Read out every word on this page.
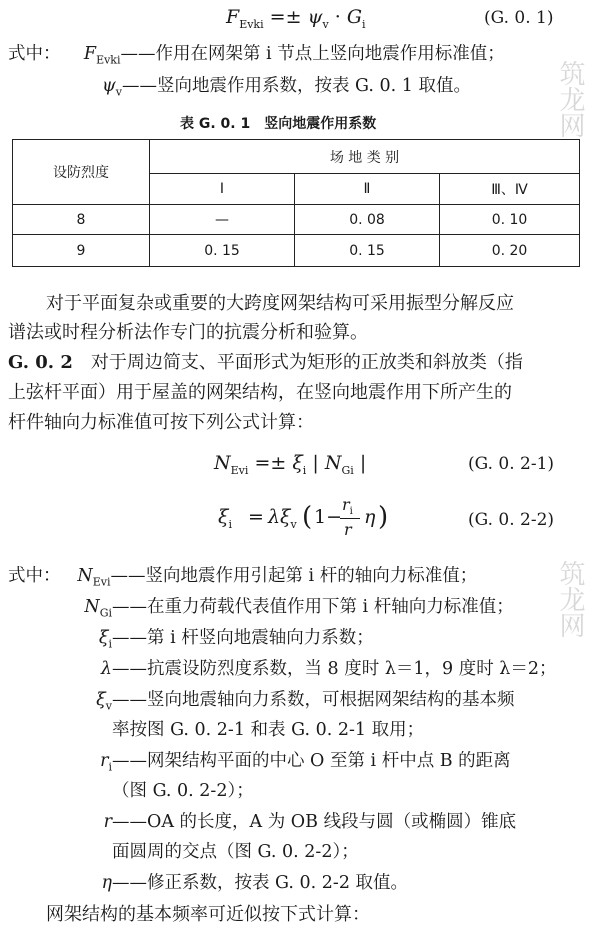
$F_{Evki} =\pm \psi_v \cdot G_i$	(G. 0. 1)
式中： $F_{Evki}——$作用在网架第 i 节点上竖向地震作用标准值；
$\psi_v——$竖向地震作用系数，按表 G. 0. 1 取值。
表 G. 0. 1　竖向地震作用系数
设防烈度	场 地 类 别		
	Ⅰ	Ⅱ	Ⅲ、Ⅳ
8	—	0. 08	0. 10
9	0. 15	0. 15	0. 20
对于平面复杂或重要的大跨度网架结构可采用振型分解反应
谱法或时程分析法作专门的抗震分析和验算。
G. 0. 2　 对于周边简支、平面形式为矩形的正放类和斜放类（指
上弦杆平面）用于屋盖的网架结构，在竖向地震作用下所产生的
杆件轴向力标准值可按下列公式计算：
$N_{Evi} =\pm \xi_i$ | $N_{Gi}$ |	(G. 0. 2-1)
$\xi_i = \lambda\xi_v$ ( 1−
$r_i$
r
η )	(G. 0. 2-2)
式中： $N_{Evi}——$竖向地震作用引起第 i 杆的轴向力标准值；
$N_{Gi}——$在重力荷载代表值作用下第 i 杆轴向力标准值；
$\xi_i——$第 i 杆竖向地震轴向力系数；
λ——抗震设防烈度系数，当 8 度时 λ＝1，9 度时 λ＝2；
$\xi_v——$竖向地震轴向力系数，可根据网架结构的基本频
率按图 G. 0. 2-1 和表 G. 0. 2-1 取用；
$r_i——$网架结构平面的中心 O 至第 i 杆中点 B 的距离
（图 G. 0. 2-2）；
r——OA 的长度，A 为 OB 线段与圆（或椭圆）锥底
面圆周的交点（图 G. 0. 2-2）；
η——修正系数，按表 G. 0. 2-2 取值。
网架结构的基本频率可近似按下式计算：
筑龙网
筑龙网
